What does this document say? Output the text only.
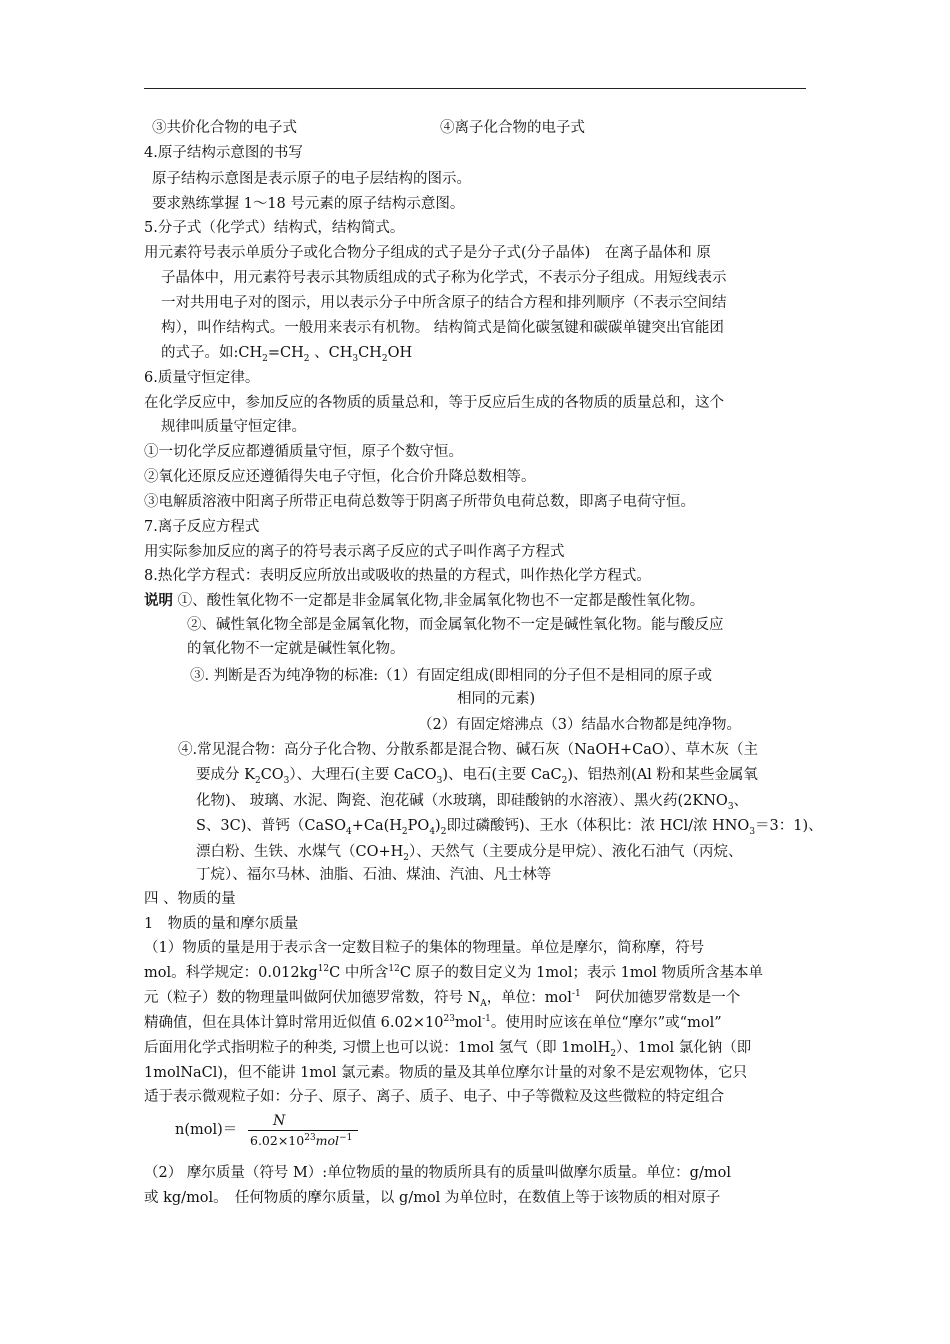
③共价化合物的电子式	④离子化合物的电子式
4.原子结构示意图的书写
原子结构示意图是表示原子的电子层结构的图示。
要求熟练掌握 1～18 号元素的原子结构示意图。
5.分子式（化学式）结构式，结构简式。
用元素符号表示单质分子或化合物分子组成的式子是分子式(分子晶体)　在离子晶体和 原
子晶体中，用元素符号表示其物质组成的式子称为化学式，不表示分子组成。用短线表示
一对共用电子对的图示，用以表示分子中所含原子的结合方程和排列顺序（不表示空间结
构），叫作结构式。一般用来表示有机物。 结构简式是简化碳氢键和碳碳单键突出官能团
的式子。如$:CH_2=CH_2$ 、$CH_3CH_2OH$
6.质量守恒定律。
在化学反应中，参加反应的各物质的质量总和，等于反应后生成的各物质的质量总和，这个
规律叫质量守恒定律。
①一切化学反应都遵循质量守恒，原子个数守恒。
②氧化还原反应还遵循得失电子守恒，化合价升降总数相等。
③电解质溶液中阳离子所带正电荷总数等于阴离子所带负电荷总数，即离子电荷守恒。
7.离子反应方程式
用实际参加反应的离子的符号表示离子反应的式子叫作离子方程式
8.热化学方程式：表明反应所放出或吸收的热量的方程式，叫作热化学方程式。
说明 ①、酸性氧化物不一定都是非金属氧化物,非金属氧化物也不一定都是酸性氧化物。
②、碱性氧化物全部是金属氧化物，而金属氧化物不一定是碱性氧化物。能与酸反应
的氧化物不一定就是碱性氧化物。
③. 判断是否为纯净物的标准:（1）有固定组成(即相同的分子但不是相同的原子或
相同的元素)
（2）有固定熔沸点（3）结晶水合物都是纯净物。
④.常见混合物：高分子化合物、分散系都是混合物、碱石灰（NaOH+CaO）、草木灰（主
要成分 $K_2CO_3$）、大理石(主要 CaCO$_3$)、电石(主要 CaC$_2$)、铝热剂(Al 粉和某些金属氧
化物)、 玻璃、水泥、陶瓷、泡花碱（水玻璃，即硅酸钠的水溶液）、黑火药($2KNO_3$、
S、3C)、普钙（$CaSO_4+Ca(H_2PO_4)_2$即过磷酸钙)、王水（体积比：浓 HCl/浓 $HNO_3=3$：1)、
漂白粉、生铁、水煤气$(CO+H_2)$、天然气（主要成分是甲烷）、液化石油气（丙烷、
丁烷）、福尔马林、油脂、石油、煤油、汽油、凡士林等
四 、物质的量
1　物质的量和摩尔质量
（1）物质的量是用于表示含一定数目粒子的集体的物理量。单位是摩尔，简称摩，符号
mol。科学规定：$0.012kg^{12}C$ 中所含$^{12}$C 原子的数目定义为 1mol；表示 1mol 物质所含基本单
元（粒子）数的物理量叫做阿伏加德罗常数，符号 $N_A$，单位：mol$^{-1}$　阿伏加德罗常数是一个
精确值，但在具体计算时常用近似值 $6.02\times 10^{23}mol^{-1}$。使用时应该在单位“摩尔”或“mol”
后面用化学式指明粒子的种类, 习惯上也可以说：1mol 氢气（即 1molH$_2$）、1mol 氯化钠（即
1molNaCl)，但不能讲 1mol 氯元素。物质的量及其单位摩尔计量的对象不是宏观物体，它只
适于表示微观粒子如：分子、原子、离子、质子、电子、中子等微粒及这些微粒的特定组合
n(mol)＝
N
$6.02\times 10^{23}mol^{-1}$
（2） 摩尔质量（符号 M）:单位物质的量的物质所具有的质量叫做摩尔质量。单位：g/mol
或 kg/mol。　任何物质的摩尔质量，以 g/mol 为单位时，在数值上等于该物质的相对原子
